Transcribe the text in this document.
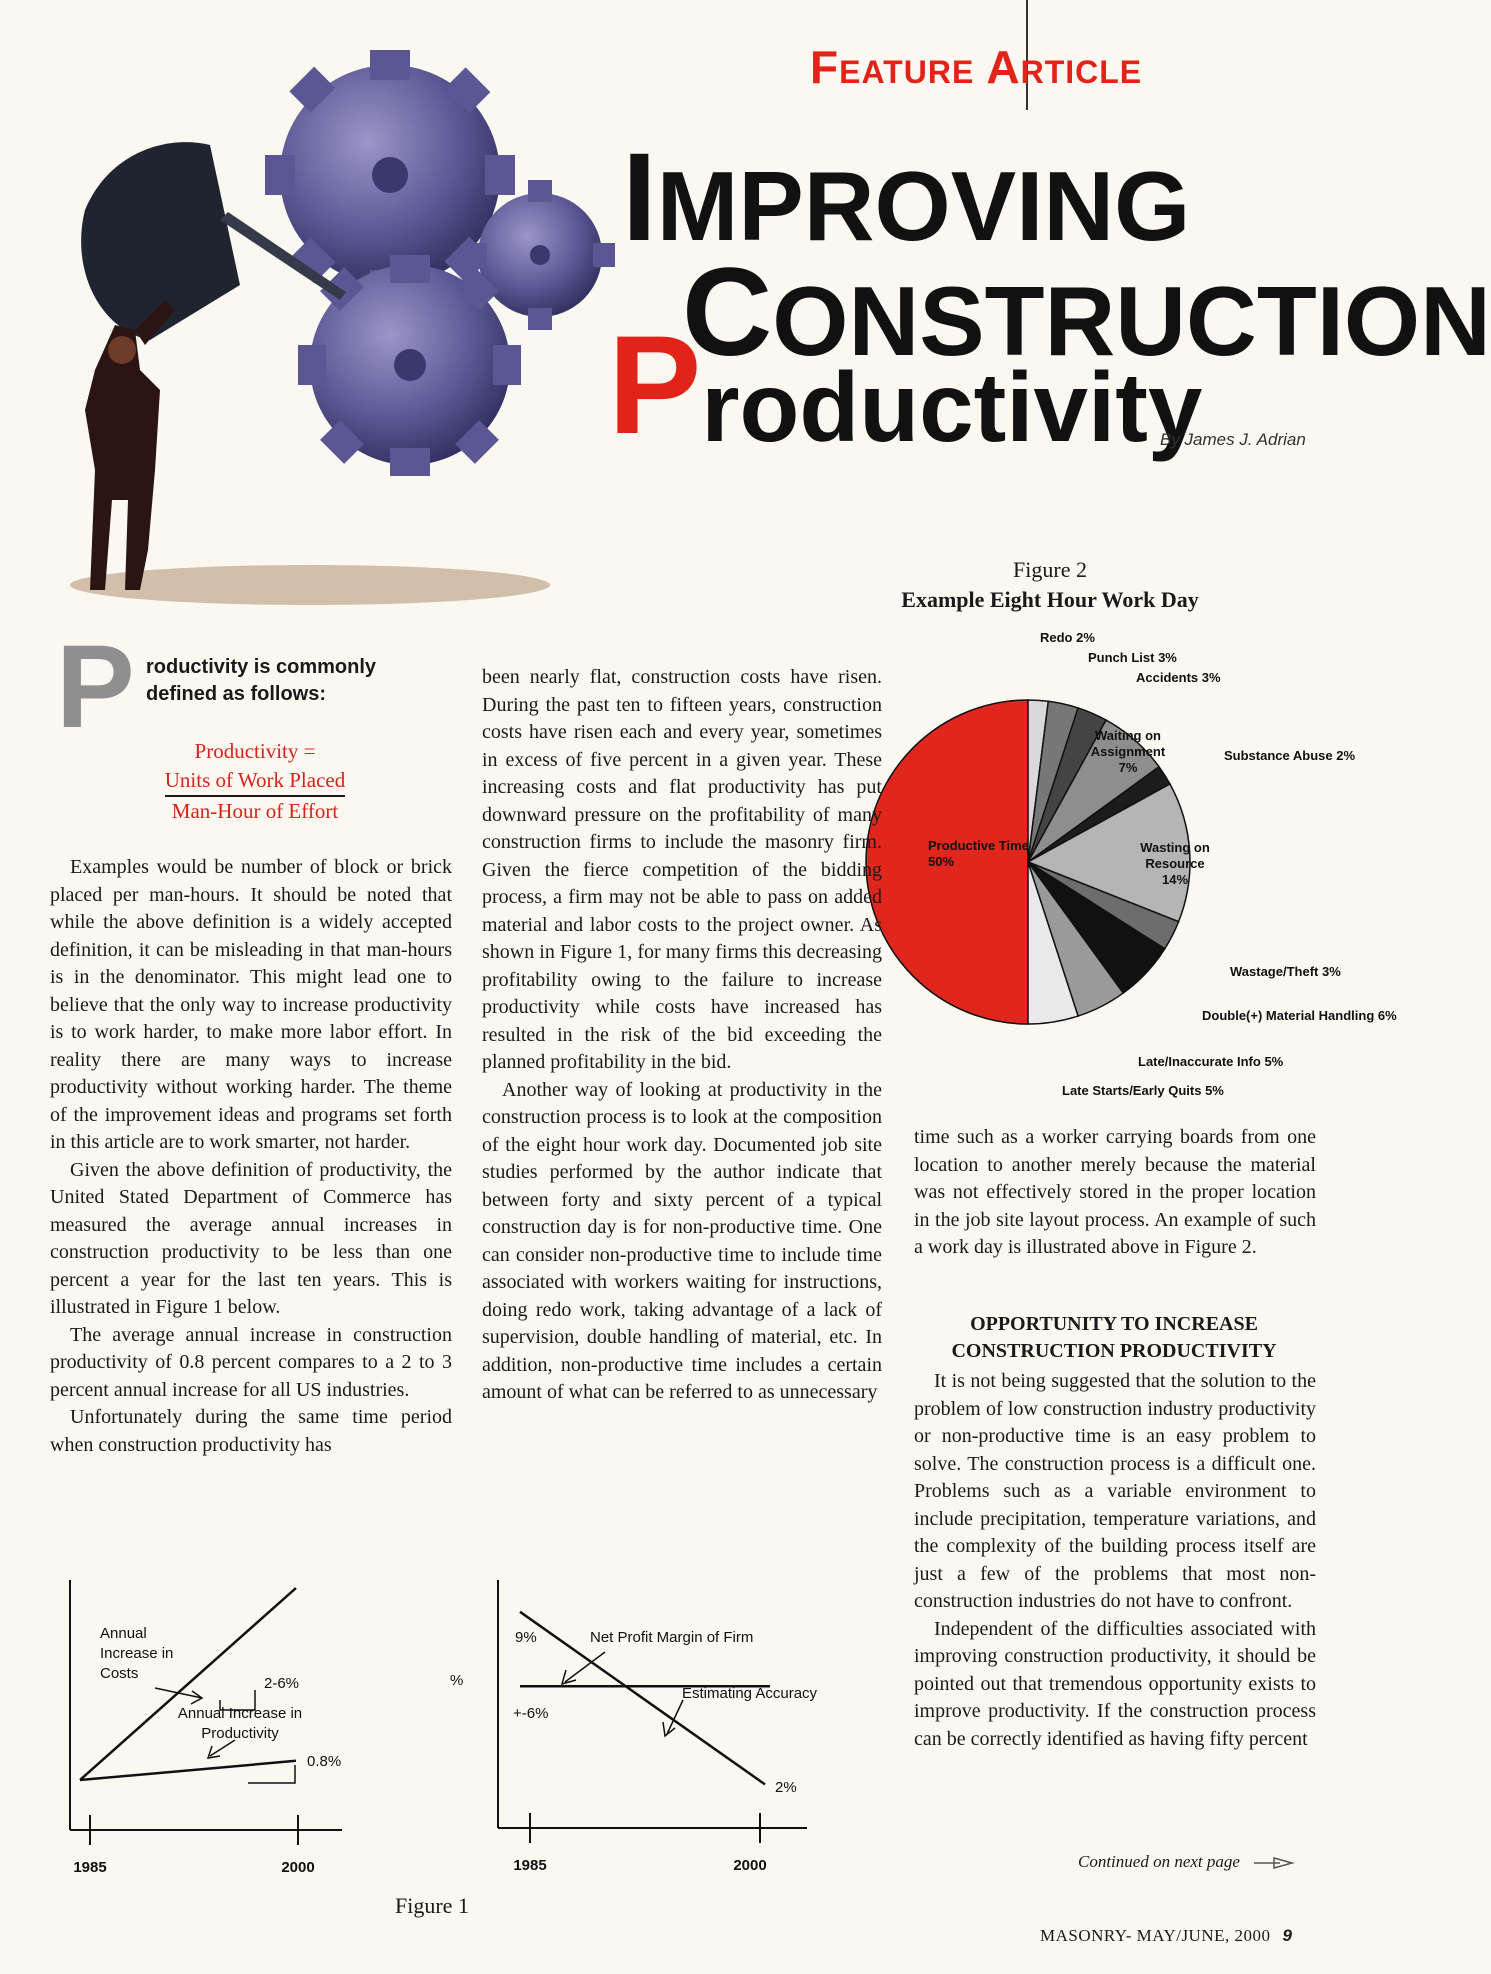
Feature Article
IMPROVING
CONSTRUCTION
Productivity
By James J. Adrian
Figure 2
Example Eight Hour Work Day
Productive Time 50%
Redo 2%
Punch List 3%
Accidents 3%
Waiting on Assignment 7%
Substance Abuse 2%
Wasting on Resource 14%
Wastage/Theft 3%
Double(+) Material Handling 6%
Late/Inaccurate Info 5%
Late Starts/Early Quits 5%
P roductivity is commonly defined as follows:
Productivity =
Units of Work Placed
Man-Hour of Effort

Examples would be number of block or brick placed per man-hours. It should be noted that while the above definition is a widely accepted definition, it can be misleading in that man-hours is in the denominator. This might lead one to believe that the only way to increase productivity is to work harder, to make more labor effort. In reality there are many ways to increase productivity without working harder. The theme of the improvement ideas and programs set forth in this article are to work smarter, not harder.

Given the above definition of productivity, the United Stated Department of Commerce has measured the average annual increases in construction productivity to be less than one percent a year for the last ten years. This is illustrated in Figure 1 below.

The average annual increase in construction productivity of 0.8 percent compares to a 2 to 3 percent annual increase for all US industries.

Unfortunately during the same time period when construction productivity has

been nearly flat, construction costs have risen. During the past ten to fifteen years, construction costs have risen each and every year, sometimes in excess of five percent in a given year. These increasing costs and flat productivity has put downward pressure on the profitability of many construction firms to include the masonry firm. Given the fierce competition of the bidding process, a firm may not be able to pass on added material and labor costs to the project owner. As shown in Figure 1, for many firms this decreasing profitability owing to the failure to increase productivity while costs have increased has resulted in the risk of the bid exceeding the planned profitability in the bid.

Another way of looking at productivity in the construction process is to look at the composition of the eight hour work day. Documented job site studies performed by the author indicate that between forty and sixty percent of a typical construction day is for non-productive time. One can consider non-productive time to include time associated with workers waiting for instructions, doing redo work, taking advantage of a lack of supervision, double handling of material, etc. In addition, non-productive time includes a certain amount of what can be referred to as unnecessary

time such as a worker carrying boards from one location to another merely because the material was not effectively stored in the proper location in the job site layout process. An example of such a work day is illustrated above in Figure 2.

OPPORTUNITY TO INCREASE CONSTRUCTION PRODUCTIVITY

It is not being suggested that the solution to the problem of low construction industry productivity or non-productive time is an easy problem to solve. The construction process is a difficult one. Problems such as a variable environment to include precipitation, temperature variations, and the complexity of the building process itself are just a few of the problems that most non-construction industries do not have to confront.

Independent of the difficulties associated with improving construction productivity, it should be pointed out that tremendous opportunity exists to improve productivity. If the construction process can be correctly identified as having fifty percent

Continued on next page
1985	2000
Annual Increase in Costs
2-6%
Annual Increase in Productivity
0.8%
%
1985	2000
9%	Net Profit Margin of Firm
Estimating Accuracy
+-6%
2%
Figure 1
MASONRY- MAY/JUNE, 2000 9
